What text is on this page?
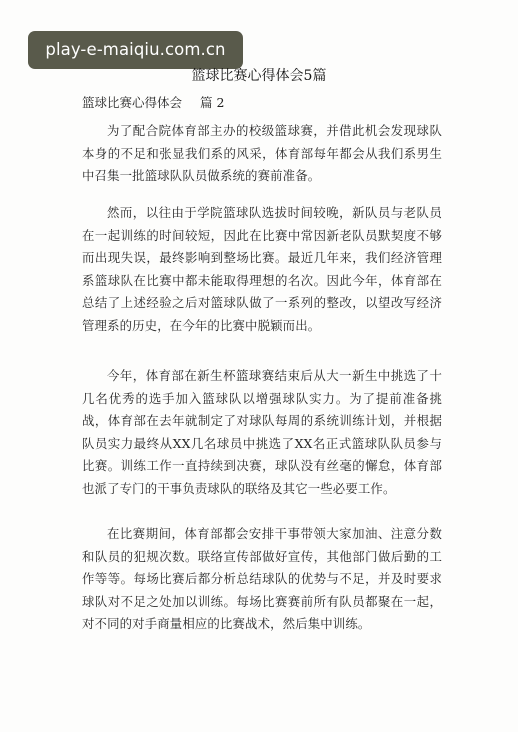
play-e-maiqiu.com.cn
篮球比赛心得体会5篇
篮球比赛心得体会 篇 2

为了配合院体育部主办的校级篮球赛，并借此机会发现球队本身的不足和张显我们系的风采，体育部每年都会从我们系男生中召集一批篮球队队员做系统的赛前准备。

然而，以往由于学院篮球队选拔时间较晚，新队员与老队员在一起训练的时间较短，因此在比赛中常因新老队员默契度不够而出现失误，最终影响到整场比赛。最近几年来，我们经济管理系篮球队在比赛中都未能取得理想的名次。因此今年，体育部在总结了上述经验之后对篮球队做了一系列的整改，以望改写经济管理系的历史，在今年的比赛中脱颖而出。

今年，体育部在新生杯篮球赛结束后从大一新生中挑选了十几名优秀的选手加入篮球队以增强球队实力。为了提前准备挑战，体育部在去年就制定了对球队每周的系统训练计划，并根据队员实力最终从XX几名球员中挑选了XX名正式篮球队队员参与比赛。训练工作一直持续到决赛，球队没有丝毫的懈怠，体育部也派了专门的干事负责球队的联络及其它一些必要工作。

在比赛期间，体育部都会安排干事带领大家加油、注意分数和队员的犯规次数。联络宣传部做好宣传，其他部门做后勤的工作等等。每场比赛后都分析总结球队的优势与不足，并及时要求球队对不足之处加以训练。每场比赛赛前所有队员都聚在一起，对不同的对手商量相应的比赛战术，然后集中训练。
